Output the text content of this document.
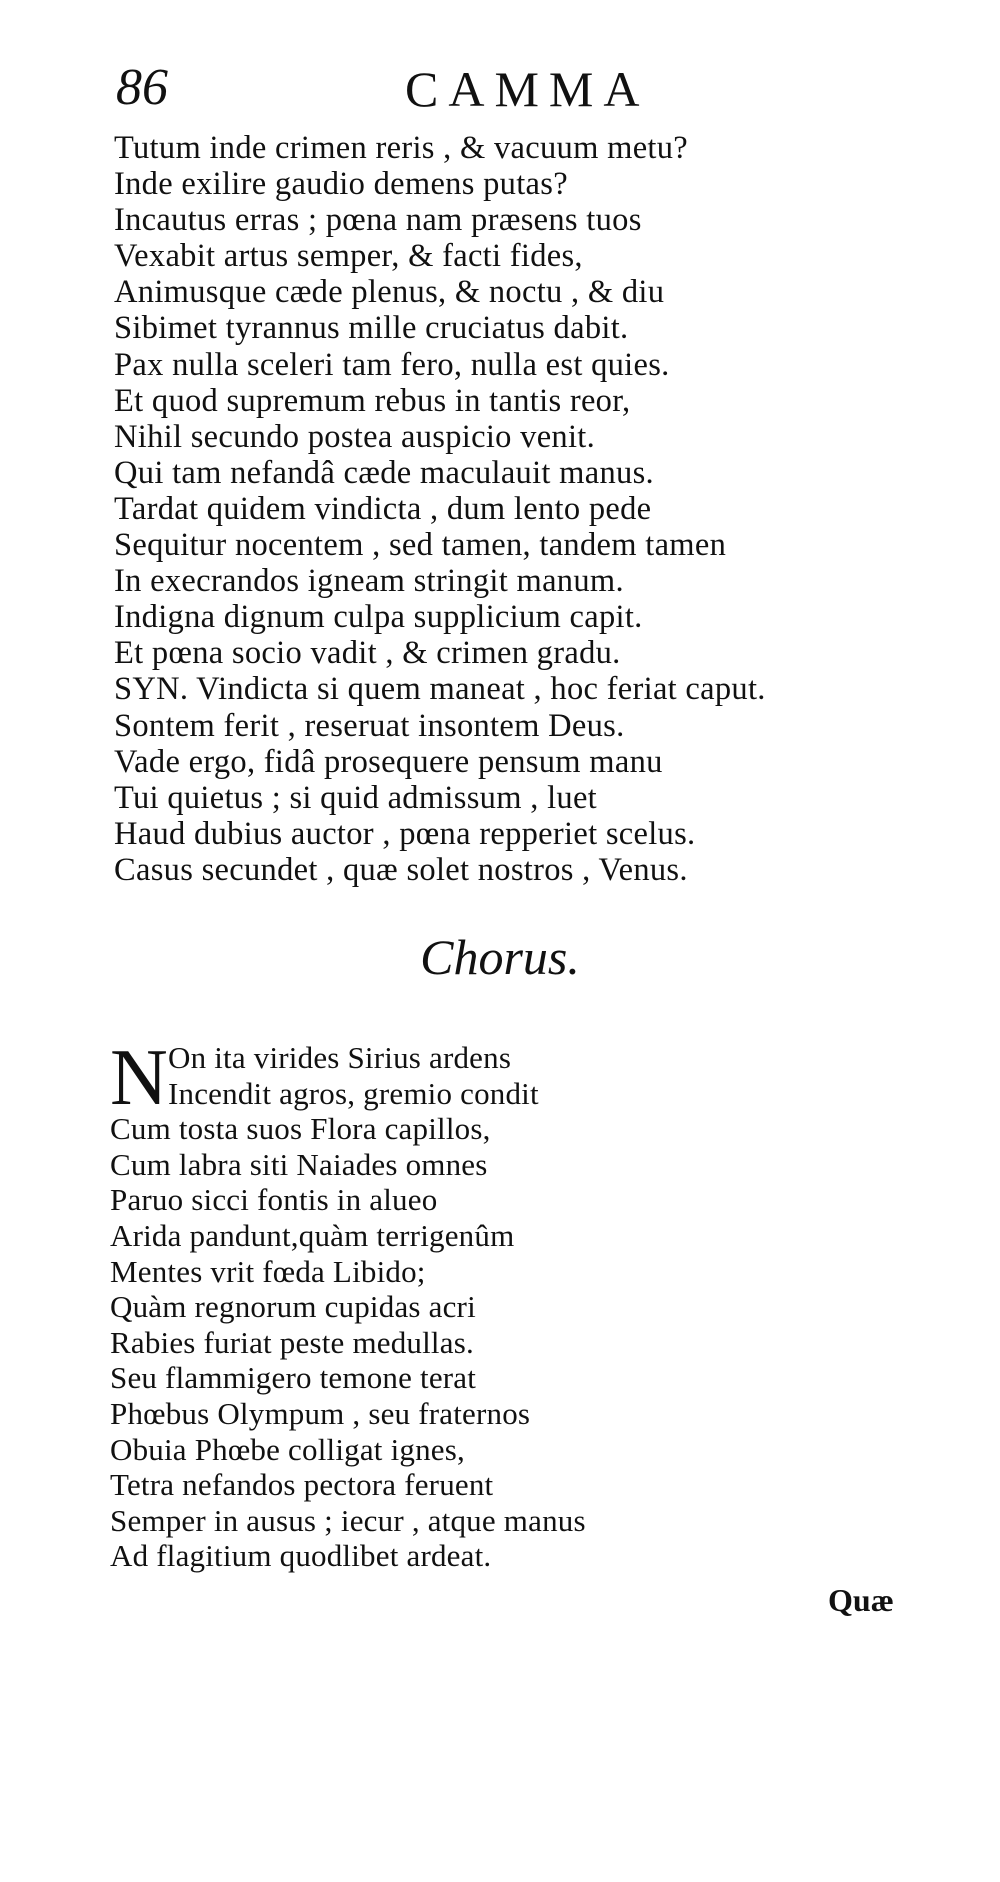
86	CAMMA
Tutum inde crimen reris , & vacuum metu?
Inde exilire gaudio demens putas?
Incautus erras ; pœna nam præsens tuos
Vexabit artus semper, & facti fides,
Animusque cæde plenus, & noctu , & diu
Sibimet tyrannus mille cruciatus dabit.
Pax nulla sceleri tam fero, nulla est quies.
Et quod supremum rebus in tantis reor,
Nihil secundo postea auspicio venit.
Qui tam nefandâ cæde maculauit manus.
Tardat quidem vindicta , dum lento pede
Sequitur nocentem , sed tamen, tandem tamen
In execrandos igneam stringit manum.
Indigna dignum culpa supplicium capit.
Et pœna socio vadit , & crimen gradu.
SYN. Vindicta si quem maneat , hoc feriat caput.
Sontem ferit , reseruat insontem Deus.
Vade ergo, fidâ prosequere pensum manu
Tui quietus ; si quid admissum , luet
Haud dubius auctor , pœna repperiet scelus.
Casus secundet , quæ solet nostros , Venus.
Chorus.
N On ita virides Sirius ardens
Incendit agros, gremio condit
Cum tosta suos Flora capillos,
Cum labra siti Naiades omnes
Paruo sicci fontis in alueo
Arida pandunt,quàm terrigenûm
Mentes vrit fœda Libido;
Quàm regnorum cupidas acri
Rabies furiat peste medullas.
Seu flammigero temone terat
Phœbus Olympum , seu fraternos
Obuia Phœbe colligat ignes,
Tetra nefandos pectora feruent
Semper in ausus ; iecur , atque manus
Ad flagitium quodlibet ardeat.
Quæ
